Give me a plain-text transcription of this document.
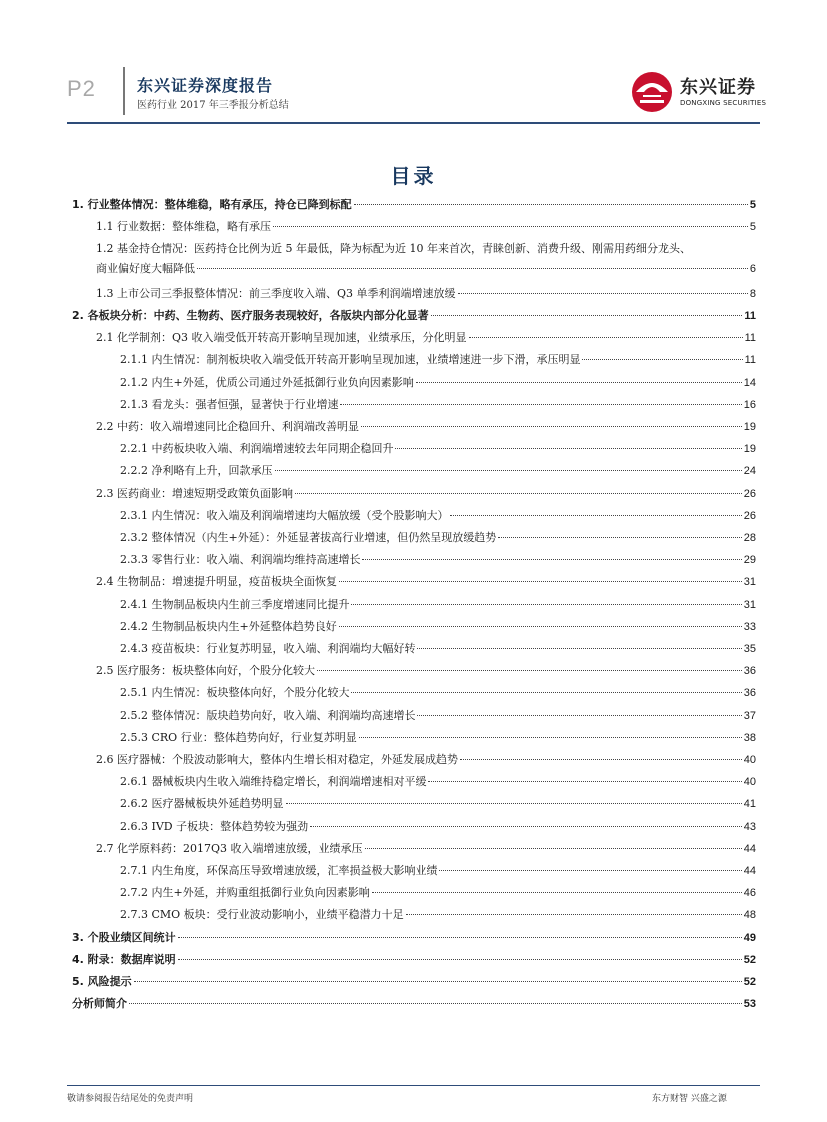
P2	东兴证券深度报告
医药行业 2017 年三季报分析总结
东兴证券
DONGXING SECURITIES
目录
1. 行业整体情况：整体维稳，略有承压，持仓已降到标配	5
1.1 行业数据：整体维稳，略有承压	5
1.2 基金持仓情况：医药持仓比例为近 5 年最低，降为标配为近 10 年来首次，青睐创新、消费升级、刚需用药细分龙头、
商业偏好度大幅降低	6
1.3 上市公司三季报整体情况：前三季度收入端、Q3 单季利润端增速放缓	8
2. 各板块分析：中药、生物药、医疗服务表现较好，各版块内部分化显著	11
2.1 化学制剂：Q3 收入端受低开转高开影响呈现加速，业绩承压，分化明显	11
2.1.1 内生情况：制剂板块收入端受低开转高开影响呈现加速，业绩增速进一步下滑，承压明显	11
2.1.2 内生+外延，优质公司通过外延抵御行业负向因素影响	14
2.1.3 看龙头：强者恒强，显著快于行业增速	16
2.2 中药：收入端增速同比企稳回升、利润端改善明显	19
2.2.1 中药板块收入端、利润端增速较去年同期企稳回升	19
2.2.2 净利略有上升，回款承压	24
2.3 医药商业：增速短期受政策负面影响	26
2.3.1 内生情况：收入端及利润端增速均大幅放缓（受个股影响大）	26
2.3.2 整体情况（内生+外延）：外延显著拔高行业增速，但仍然呈现放缓趋势	28
2.3.3 零售行业：收入端、利润端均维持高速增长	29
2.4 生物制品：增速提升明显，疫苗板块全面恢复	31
2.4.1 生物制品板块内生前三季度增速同比提升	31
2.4.2 生物制品板块内生+外延整体趋势良好	33
2.4.3 疫苗板块：行业复苏明显，收入端、利润端均大幅好转	35
2.5 医疗服务：板块整体向好，个股分化较大	36
2.5.1 内生情况：板块整体向好，个股分化较大	36
2.5.2 整体情况：版块趋势向好，收入端、利润端均高速增长	37
2.5.3 CRO 行业：整体趋势向好，行业复苏明显	38
2.6 医疗器械：个股波动影响大，整体内生增长相对稳定，外延发展成趋势	40
2.6.1 器械板块内生收入端维持稳定增长，利润端增速相对平缓	40
2.6.2 医疗器械板块外延趋势明显	41
2.6.3 IVD 子板块：整体趋势较为强劲	43
2.7 化学原料药：2017Q3 收入端增速放缓，业绩承压	44
2.7.1 内生角度，环保高压导致增速放缓，汇率损益极大影响业绩	44
2.7.2 内生+外延，并购重组抵御行业负向因素影响	46
2.7.3 CMO 板块：受行业波动影响小，业绩平稳潜力十足	48
3. 个股业绩区间统计	49
4. 附录：数据库说明	52
5. 风险提示	52
分析师简介	53
敬请参阅报告结尾处的免责声明	东方财智 兴盛之源
